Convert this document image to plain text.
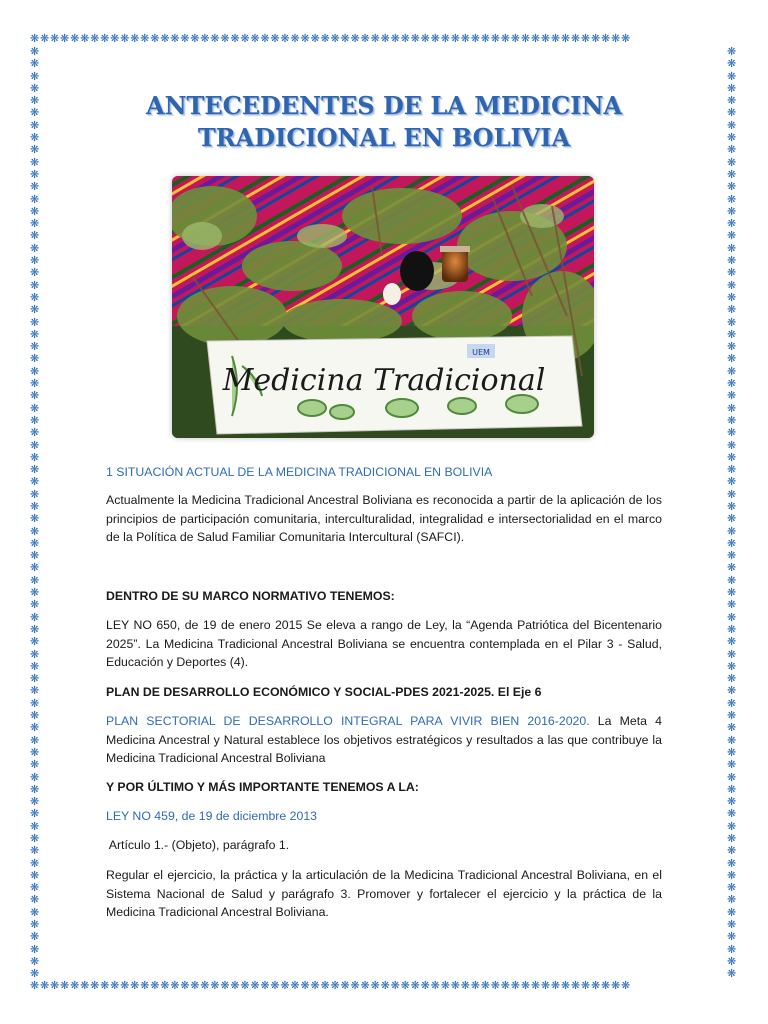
❋❋❋❋❋❋❋❋❋❋❋❋❋❋❋❋❋❋❋❋❋❋❋❋❋❋❋❋❋❋❋❋❋❋❋❋❋❋❋❋❋❋❋❋❋❋❋❋❋❋❋❋❋❋❋❋❋❋❋❋
❋❋❋❋❋❋❋❋❋❋❋❋❋❋❋❋❋❋❋❋❋❋❋❋❋❋❋❋❋❋❋❋❋❋❋❋❋❋❋❋❋❋❋❋❋❋❋❋❋❋❋❋❋❋❋❋❋❋❋❋
❋❋❋❋❋❋❋❋❋❋❋❋❋❋❋❋❋❋❋❋❋❋❋❋❋❋❋❋❋❋❋❋❋❋❋❋❋❋❋❋❋❋❋❋❋❋❋❋❋❋❋❋❋❋❋❋❋❋❋❋❋❋❋❋❋❋❋❋❋❋❋❋❋❋❋❋
❋❋❋❋❋❋❋❋❋❋❋❋❋❋❋❋❋❋❋❋❋❋❋❋❋❋❋❋❋❋❋❋❋❋❋❋❋❋❋❋❋❋❋❋❋❋❋❋❋❋❋❋❋❋❋❋❋❋❋❋❋❋❋❋❋❋❋❋❋❋❋❋❋❋❋❋
ANTECEDENTES DE LA MEDICINA
TRADICIONAL EN BOLIVIA
UEM
Medicina Tradicional

1 SITUACIÓN ACTUAL DE LA MEDICINA TRADICIONAL EN BOLIVIA

Actualmente la Medicina Tradicional Ancestral Boliviana es reconocida a partir de la aplicación de los principios de participación comunitaria, interculturalidad, integralidad e intersectorialidad en el marco de la Política de Salud Familiar Comunitaria Intercultural (SAFCI).

DENTRO DE SU MARCO NORMATIVO TENEMOS:

LEY NO 650, de 19 de enero 2015 Se eleva a rango de Ley, la “Agenda Patriótica del Bicentenario 2025”. La Medicina Tradicional Ancestral Boliviana se encuentra contemplada en el Pilar 3 - Salud, Educación y Deportes (4).

PLAN DE DESARROLLO ECONÓMICO Y SOCIAL-PDES 2021-2025. El Eje 6

PLAN SECTORIAL DE DESARROLLO INTEGRAL PARA VIVIR BIEN 2016-2020. La Meta 4 Medicina Ancestral y Natural establece los objetivos estratégicos y resultados a las que contribuye la Medicina Tradicional Ancestral Boliviana

Y POR ÚLTIMO Y MÁS IMPORTANTE TENEMOS A LA:

LEY NO 459, de 19 de diciembre 2013

Artículo 1.- (Objeto), parágrafo 1.

Regular el ejercicio, la práctica y la articulación de la Medicina Tradicional Ancestral Boliviana, en el Sistema Nacional de Salud y parágrafo 3. Promover y fortalecer el ejercicio y la práctica de la Medicina Tradicional Ancestral Boliviana.
